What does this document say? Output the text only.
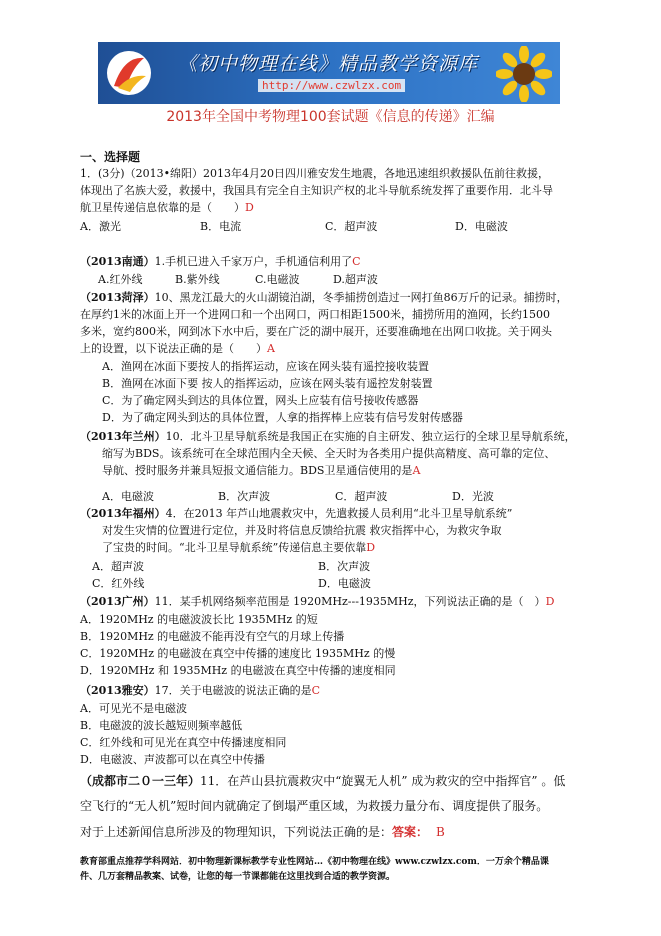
《初中物理在线》精品教学资源库
http://www.czwlzx.com
2013年全国中考物理100套试题《信息的传递》汇编
一、选择题
1．(3分)（2013•绵阳）2013年4月20日四川雅安发生地震，各地迅速组织救援队伍前往救援，
体现出了名族大爱，救援中，我国具有完全自主知识产权的北斗导航系统发挥了重要作用．北斗导
航卫星传递信息依靠的是（　　）D
A．激光	B．电流	C．超声波	D．电磁波
（2013南通）1.手机已进入千家万户，手机通信利用了C
A.红外线	B.紫外线	C.电磁波	D.超声波
（2013菏泽）10、黑龙江最大的火山湖镜泊湖，冬季捕捞创造过一网打鱼86万斤的记录。捕捞时，
在厚约1米的冰面上开一个进网口和一个出网口，两口相距1500米，捕捞所用的渔网，长约1500
多米，宽约800米，网到冰下水中后，要在广泛的湖中展开，还要准确地在出网口收拢。关于网头
上的设置，以下说法正确的是（　　）A
A．渔网在冰面下要按人的指挥运动，应该在网头装有遥控接收装置
B．渔网在冰面下要 按人的指挥运动，应该在网头装有遥控发射装置
C．为了确定网头到达的具体位置，网头上应装有信号接收传感器
D．为了确定网头到达的具体位置，人拿的指挥棒上应装有信号发射传感器
（2013年兰州）10．北斗卫星导航系统是我国正在实施的自主研发、独立运行的全球卫星导航系统，
缩写为BDS。该系统可在全球范围内全天候、全天时为各类用户提供高精度、高可靠的定位、
导航、授时服务并兼具短报文通信能力。BDS卫星通信使用的是A
A．电磁波	B．次声波	C．超声波	D．光波
（2013年福州）4．在2013 年芦山地震救灾中，先遣救援人员利用“北斗卫星导航系统”
对发生灾情的位置进行定位，并及时将信息反馈给抗震 救灾指挥中心，为救灾争取
了宝贵的时间。“北斗卫星导航系统”传递信息主要依靠D
A．超声波	B．次声波
C．红外线	D．电磁波
（2013广州）11．某手机网络频率范围是 1920MHz---1935MHz，下列说法正确的是（　）D
A．1920MHz 的电磁波波长比 1935MHz 的短
B．1920MHz 的电磁波不能再没有空气的月球上传播
C．1920MHz 的电磁波在真空中传播的速度比 1935MHz 的慢
D．1920MHz 和 1935MHz 的电磁波在真空中传播的速度相同
（2013雅安）17．关于电磁波的说法正确的是C
A．可见光不是电磁波
B．电磁波的波长越短则频率越低
C．红外线和可见光在真空中传播速度相同
D．电磁波、声波都可以在真空中传播
（成都市二０一三年）11．在芦山县抗震救灾中“旋翼无人机” 成为救灾的空中指挥官” 。低
空飞行的“无人机”短时间内就确定了倒塌严重区域，为救援力量分布、调度提供了服务。
对于上述新闻信息所涉及的物理知识，下列说法正确的是：答案： B
教育部重点推荐学科网站．初中物理新课标教学专业性网站…《初中物理在线》www.czwlzx.com．一万余个精品课
件、几万套精品教案、试卷，让您的每一节课都能在这里找到合适的教学资源。
